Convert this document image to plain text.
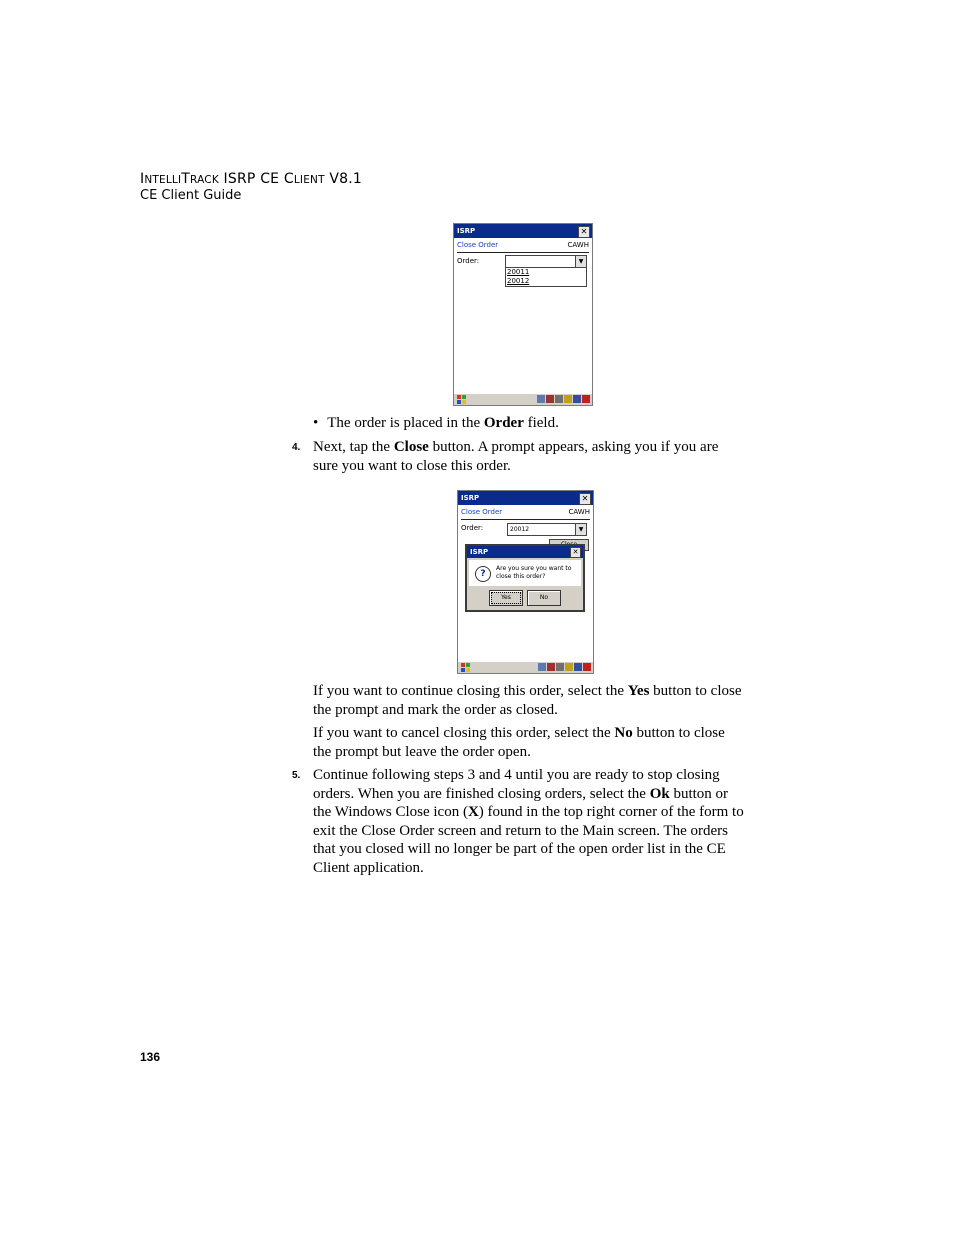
INTELLITRACK ISRP CE CLIENT V8.1
CE Client Guide
ISRP	✕
Close Order	CAWH
Order:	▼
20011
20012
• The order is placed in the Order field.
4. Next, tap the Close button. A prompt appears, asking you if you are
sure you want to close this order.
ISRP	✕
Close Order	CAWH
Order:	20012	▼
ISRP	✕
?
Are you sure you want to
close this order?
Yes	No
If you want to continue closing this order, select the Yes button to close
the prompt and mark the order as closed.
If you want to cancel closing this order, select the No button to close
the prompt but leave the order open.
5. Continue following steps 3 and 4 until you are ready to stop closing
orders. When you are finished closing orders, select the Ok button or
the Windows Close icon (X) found in the top right corner of the form to
exit the Close Order screen and return to the Main screen. The orders
that you closed will no longer be part of the open order list in the CE
Client application.
136
